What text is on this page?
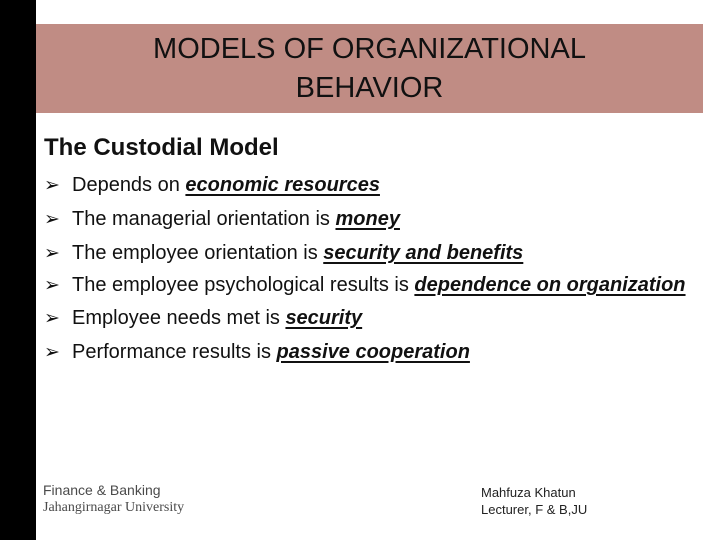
MODELS OF ORGANIZATIONAL
BEHAVIOR
The Custodial Model
➢ Depends on economic resources
➢ The managerial orientation is money
➢ The employee orientation is security and benefits
➢ The employee psychological results is dependence on organization
➢ Employee needs met is security
➢ Performance results is passive cooperation
Finance & Banking
Jahangirnagar University
Mahfuza Khatun
Lecturer, F & B,JU
